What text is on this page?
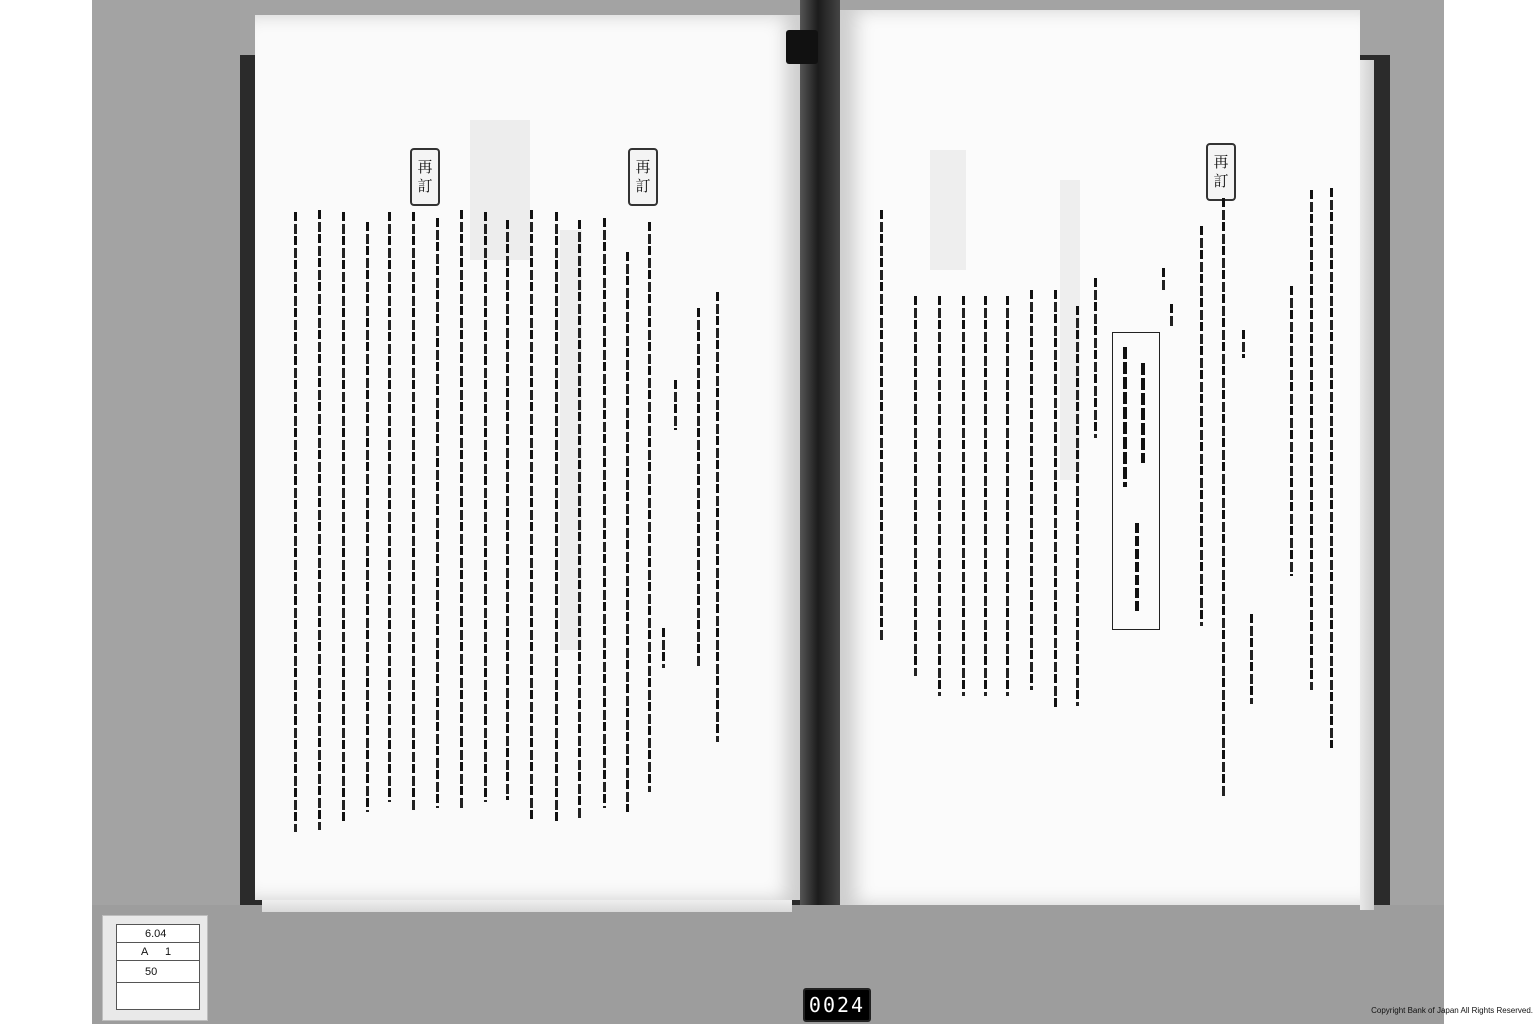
再
訂
再
訂
再
訂
6.04
A 1
50
0024	Copyright Bank of Japan All Rights Reserved.
